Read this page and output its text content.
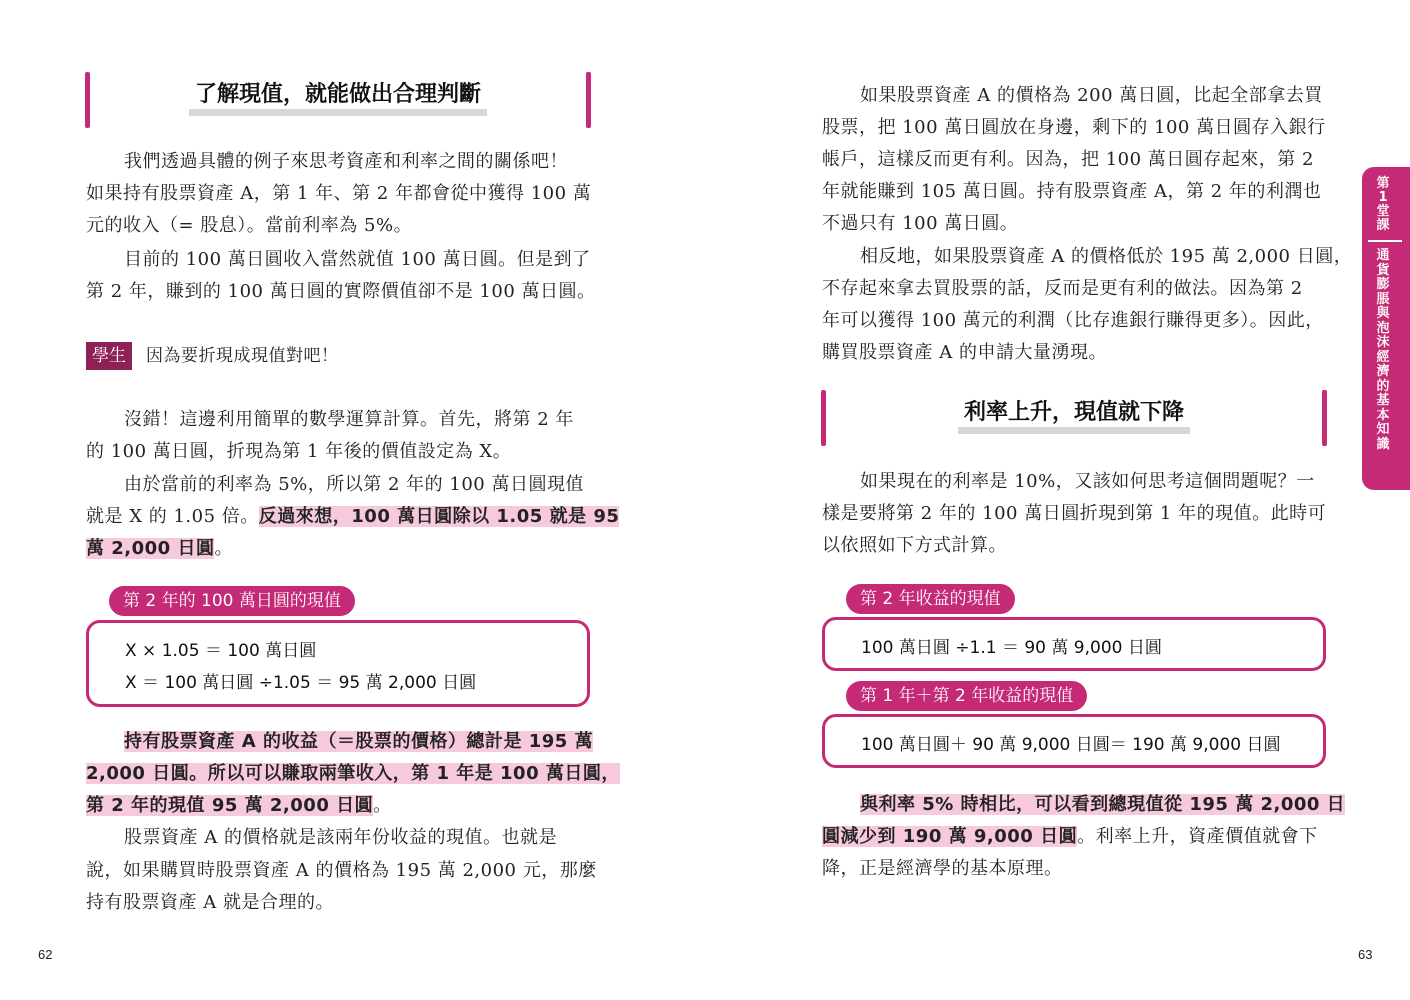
了解現值，就能做出合理判斷
我們透過具體的例子來思考資產和利率之間的關係吧！
如果持有股票資產 A，第 1 年、第 2 年都會從中獲得 100 萬
元的收入（= 股息）。當前利率為 5%。
目前的 100 萬日圓收入當然就值 100 萬日圓。但是到了
第 2 年，賺到的 100 萬日圓的實際價值卻不是 100 萬日圓。
學生	因為要折現成現值對吧！
沒錯！這邊利用簡單的數學運算計算。首先，將第 2 年
的 100 萬日圓，折現為第 1 年後的價值設定為 X。
由於當前的利率為 5%，所以第 2 年的 100 萬日圓現值
就是 X 的 1.05 倍。反過來想，100 萬日圓除以 1.05 就是 95
萬 2,000 日圓。
第 2 年的 100 萬日圓的現值
X × 1.05 ＝ 100 萬日圓
X ＝ 100 萬日圓 ÷1.05 ＝ 95 萬 2,000 日圓
持有股票資產 A 的收益（＝股票的價格）總計是 195 萬
2,000 日圓。所以可以賺取兩筆收入，第 1 年是 100 萬日圓，
第 2 年的現值 95 萬 2,000 日圓。
股票資產 A 的價格就是該兩年份收益的現值。也就是
說，如果購買時股票資產 A 的價格為 195 萬 2,000 元，那麼
持有股票資產 A 就是合理的。
62
如果股票資產 A 的價格為 200 萬日圓，比起全部拿去買
股票，把 100 萬日圓放在身邊，剩下的 100 萬日圓存入銀行
帳戶，這樣反而更有利。因為，把 100 萬日圓存起來，第 2
年就能賺到 105 萬日圓。持有股票資產 A，第 2 年的利潤也
不過只有 100 萬日圓。
相反地，如果股票資產 A 的價格低於 195 萬 2,000 日圓，
不存起來拿去買股票的話，反而是更有利的做法。因為第 2
年可以獲得 100 萬元的利潤（比存進銀行賺得更多）。因此，
購買股票資產 A 的申請大量湧現。
利率上升，現值就下降
如果現在的利率是 10%，又該如何思考這個問題呢？一
樣是要將第 2 年的 100 萬日圓折現到第 1 年的現值。此時可
以依照如下方式計算。
第 2 年收益的現值
100 萬日圓 ÷1.1 ＝ 90 萬 9,000 日圓
第 1 年＋第 2 年收益的現值
100 萬日圓＋ 90 萬 9,000 日圓＝ 190 萬 9,000 日圓
與利率 5% 時相比，可以看到總現值從 195 萬 2,000 日
圓減少到 190 萬 9,000 日圓。利率上升，資產價值就會下
降，正是經濟學的基本原理。
63
第
1
堂
課
通
貨
膨
脹
與
泡
沫
經
濟
的
基
本
知
識
